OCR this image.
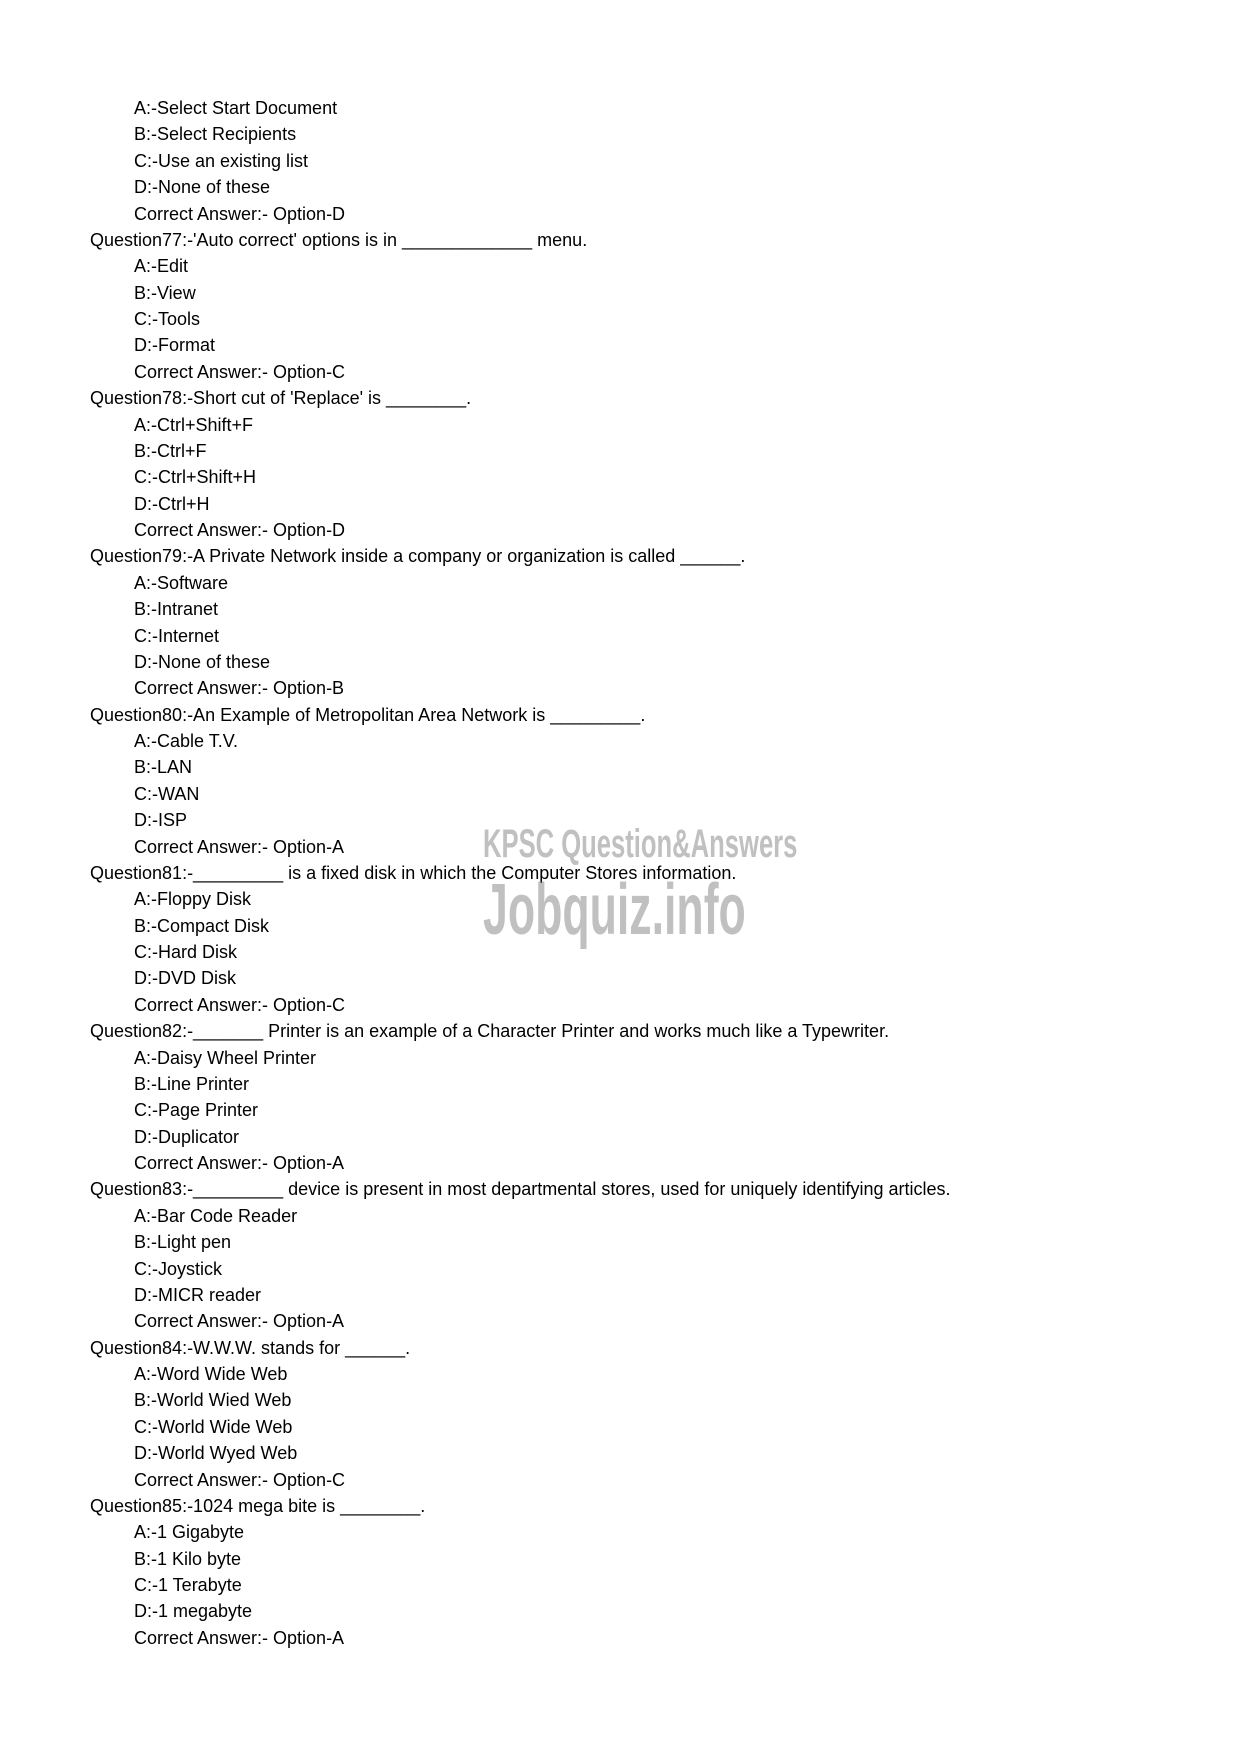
A:-Select Start Document
B:-Select Recipients
C:-Use an existing list
D:-None of these
Correct Answer:- Option-D
Question77:-'Auto correct' options is in _____________ menu.
A:-Edit
B:-View
C:-Tools
D:-Format
Correct Answer:- Option-C
Question78:-Short cut of 'Replace' is ________.
A:-Ctrl+Shift+F
B:-Ctrl+F
C:-Ctrl+Shift+H
D:-Ctrl+H
Correct Answer:- Option-D
Question79:-A Private Network inside a company or organization is called ______.
A:-Software
B:-Intranet
C:-Internet
D:-None of these
Correct Answer:- Option-B
Question80:-An Example of Metropolitan Area Network is _________.
A:-Cable T.V.
B:-LAN
C:-WAN
D:-ISP
Correct Answer:- Option-A
Question81:-_________ is a fixed disk in which the Computer Stores information.
A:-Floppy Disk
B:-Compact Disk
C:-Hard Disk
D:-DVD Disk
Correct Answer:- Option-C
Question82:-_______ Printer is an example of a Character Printer and works much like a Typewriter.
A:-Daisy Wheel Printer
B:-Line Printer
C:-Page Printer
D:-Duplicator
Correct Answer:- Option-A
Question83:-_________ device is present in most departmental stores, used for uniquely identifying articles.
A:-Bar Code Reader
B:-Light pen
C:-Joystick
D:-MICR reader
Correct Answer:- Option-A
Question84:-W.W.W. stands for ______.
A:-Word Wide Web
B:-World Wied Web
C:-World Wide Web
D:-World Wyed Web
Correct Answer:- Option-C
Question85:-1024 mega bite is ________.
A:-1 Gigabyte
B:-1 Kilo byte
C:-1 Terabyte
D:-1 megabyte
Correct Answer:- Option-A
KPSC Question&Answers
Jobquiz.info
